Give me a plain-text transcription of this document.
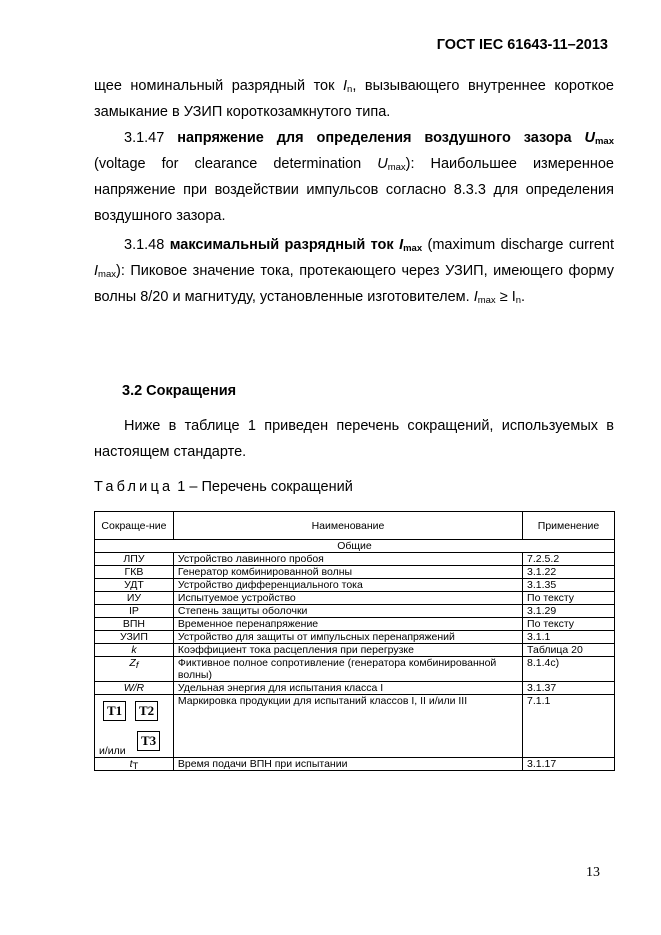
ГОСТ IEC 61643-11–2013
щее номинальный разрядный ток $I_n$, вызывающего внутреннее короткое замыкание в УЗИП короткозамкнутого типа.
3.1.47 напряжение для определения воздушного зазора $U_{max}$ (voltage for clearance determination $U_{max}$): Наибольшее измеренное напряжение при воздействии импульсов согласно 8.3.3 для определения воздушного зазора.
3.1.48 максимальный разрядный ток $I_{max}$ (maximum discharge current $I_{max}$): Пиковое значение тока, протекающего через УЗИП, имеющего форму волны 8/20 и магнитуду, установленные изготовителем. $I_{max} \ge I_n$.
3.2 Сокращения
Ниже в таблице 1 приведен перечень сокращений, используемых в настоящем стандарте.
Таблица 1 – Перечень сокращений
Сокраще-ние	Наименование	Применение
Общие		
ЛПУ	Устройство лавинного пробоя	7.2.5.2
ГКВ	Генератор комбинированной волны	3.1.22
УДТ	Устройство дифференциального тока	3.1.35
ИУ	Испытуемое устройство	По тексту
IP	Степень защиты оболочки	3.1.29
ВПН	Временное перенапряжение	По тексту
УЗИП	Устройство для защиты от импульсных перенапряжений	3.1.1
k	Коэффициент тока расцепления при перегрузке	Таблица 20
$Z_f$	Фиктивное полное сопротивление (генератора комбинированной волны)	8.1.4c)
W/R	Удельная энергия для испытания класса I	3.1.37

T1 T2
и/или
T3	Маркировка продукции для испытаний классов I, II и/или III	7.1.1
$t_T$	Время подачи ВПН при испытании	3.1.17
13
